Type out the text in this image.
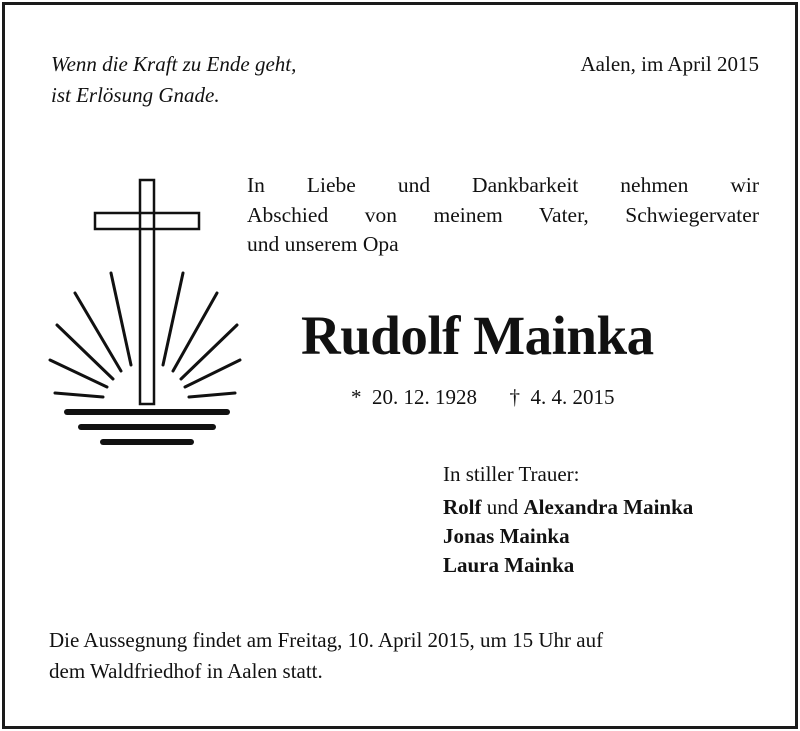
Wenn die Kraft zu Ende geht,
ist Erlösung Gnade.
Aalen, im April 2015
In Liebe und Dankbarkeit nehmen wir
Abschied von meinem Vater, Schwiegervater
und unserem Opa
Rudolf Mainka
* 20. 12. 1928 † 4. 4. 2015
In stiller Trauer:
Rolf und Alexandra Mainka
Jonas Mainka
Laura Mainka
Die Aussegnung findet am Freitag, 10. April 2015, um 15 Uhr auf
dem Waldfriedhof in Aalen statt.
